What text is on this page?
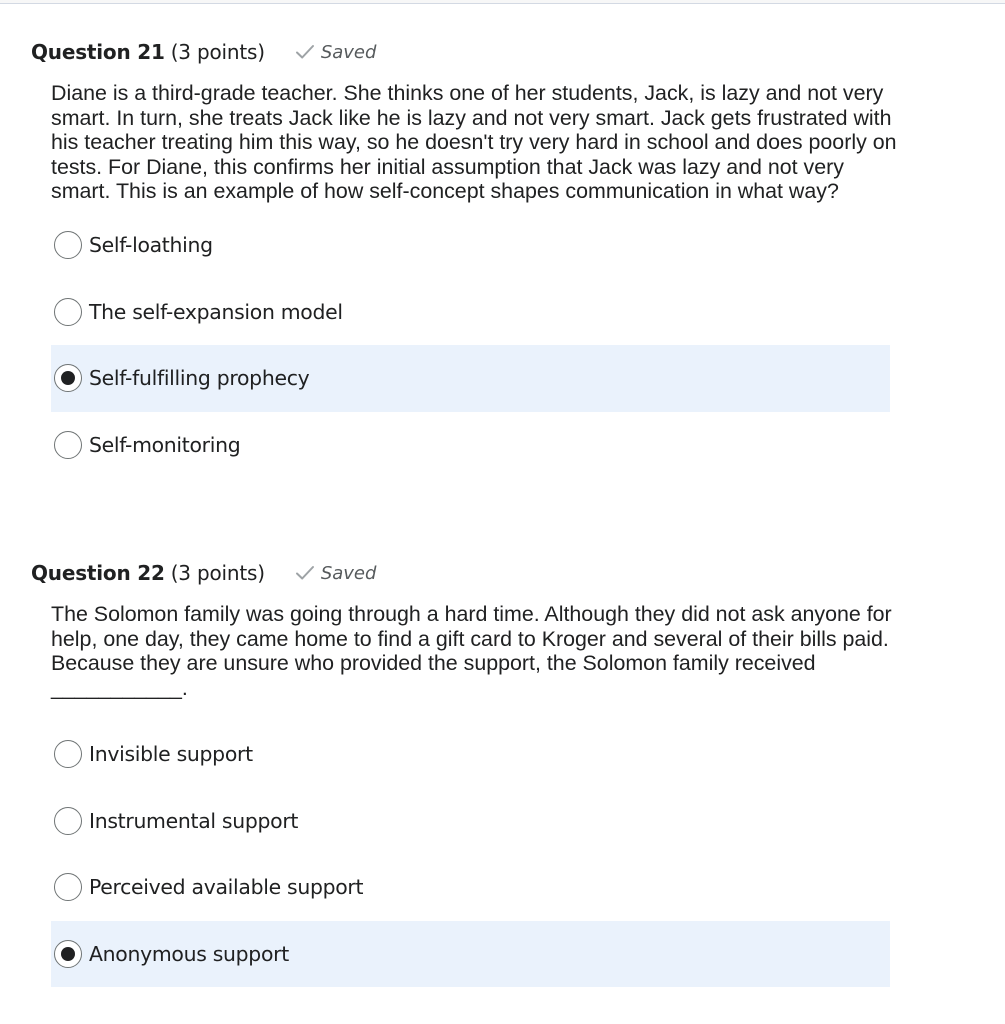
Question 21 (3 points)	Saved
Diane is a third-grade teacher. She thinks one of her students, Jack, is lazy and not very smart. In turn, she treats Jack like he is lazy and not very smart. Jack gets frustrated with his teacher treating him this way, so he doesn't try very hard in school and does poorly on tests. For Diane, this confirms her initial assumption that Jack was lazy and not very smart. This is an example of how self-concept shapes communication in what way?
Self-loathing
The self-expansion model
Self-fulfilling prophecy
Self-monitoring
Question 22 (3 points)	Saved
The Solomon family was going through a hard time. Although they did not ask anyone for help, one day, they came home to find a gift card to Kroger and several of their bills paid. Because they are unsure who provided the support, the Solomon family received ___________.
Invisible support
Instrumental support
Perceived available support
Anonymous support
